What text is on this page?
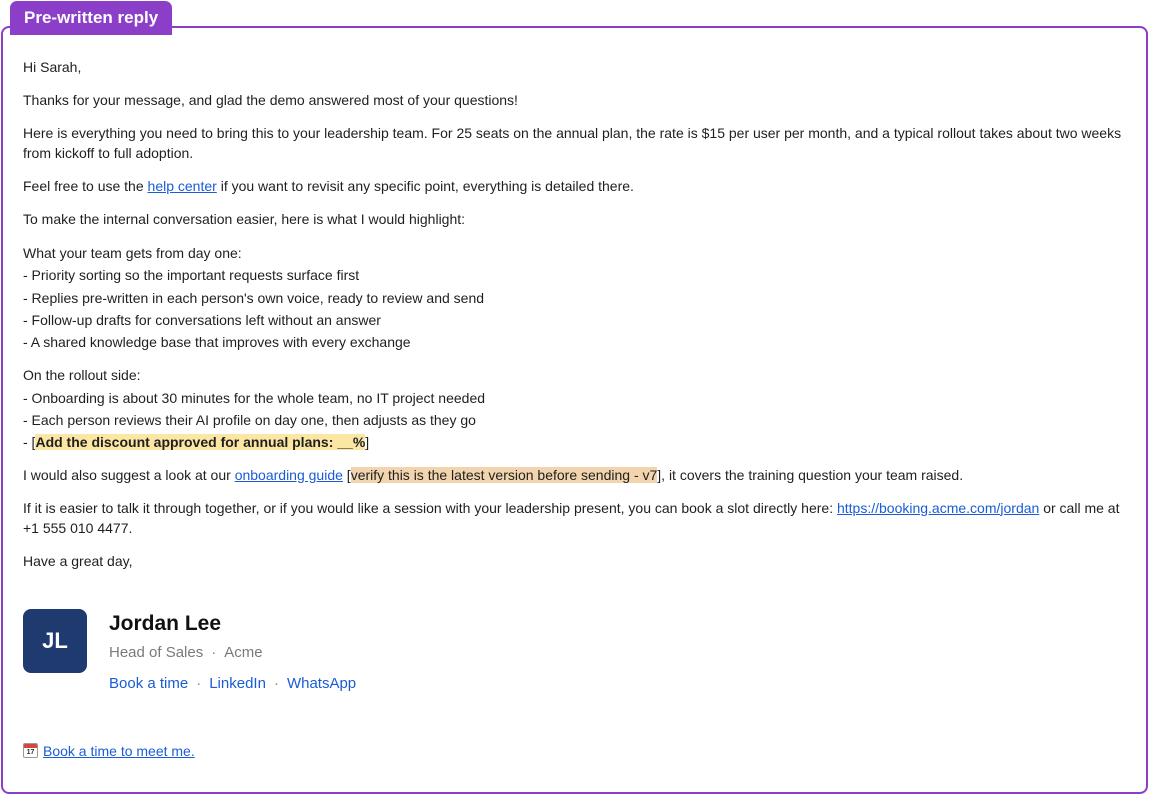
Pre-written reply

Hi Sarah,

Thanks for your message, and glad the demo answered most of your questions!

Here is everything you need to bring this to your leadership team. For 25 seats on the annual plan, the rate is $15 per user per month, and a typical rollout takes about two weeks from kickoff to full adoption.

Feel free to use the help center if you want to revisit any specific point, everything is detailed there.

To make the internal conversation easier, here is what I would highlight:

What your team gets from day one:
- Priority sorting so the important requests surface first
- Replies pre-written in each person's own voice, ready to review and send
- Follow-up drafts for conversations left without an answer
- A shared knowledge base that improves with every exchange
On the rollout side:
- Onboarding is about 30 minutes for the whole team, no IT project needed
- Each person reviews their AI profile on day one, then adjusts as they go
- [Add the discount approved for annual plans: __%]

I would also suggest a look at our onboarding guide [verify this is the latest version before sending - v7], it covers the training question your team raised.

If it is easier to talk it through together, or if you would like a session with your leadership present, you can book a slot directly here: https://booking.acme.com/jordan or call me at +1 555 010 4477.

Have a great day,

JL
Jordan Lee
Head of Sales · Acme
Book a time · LinkedIn · WhatsApp
17 Book a time to meet me.
